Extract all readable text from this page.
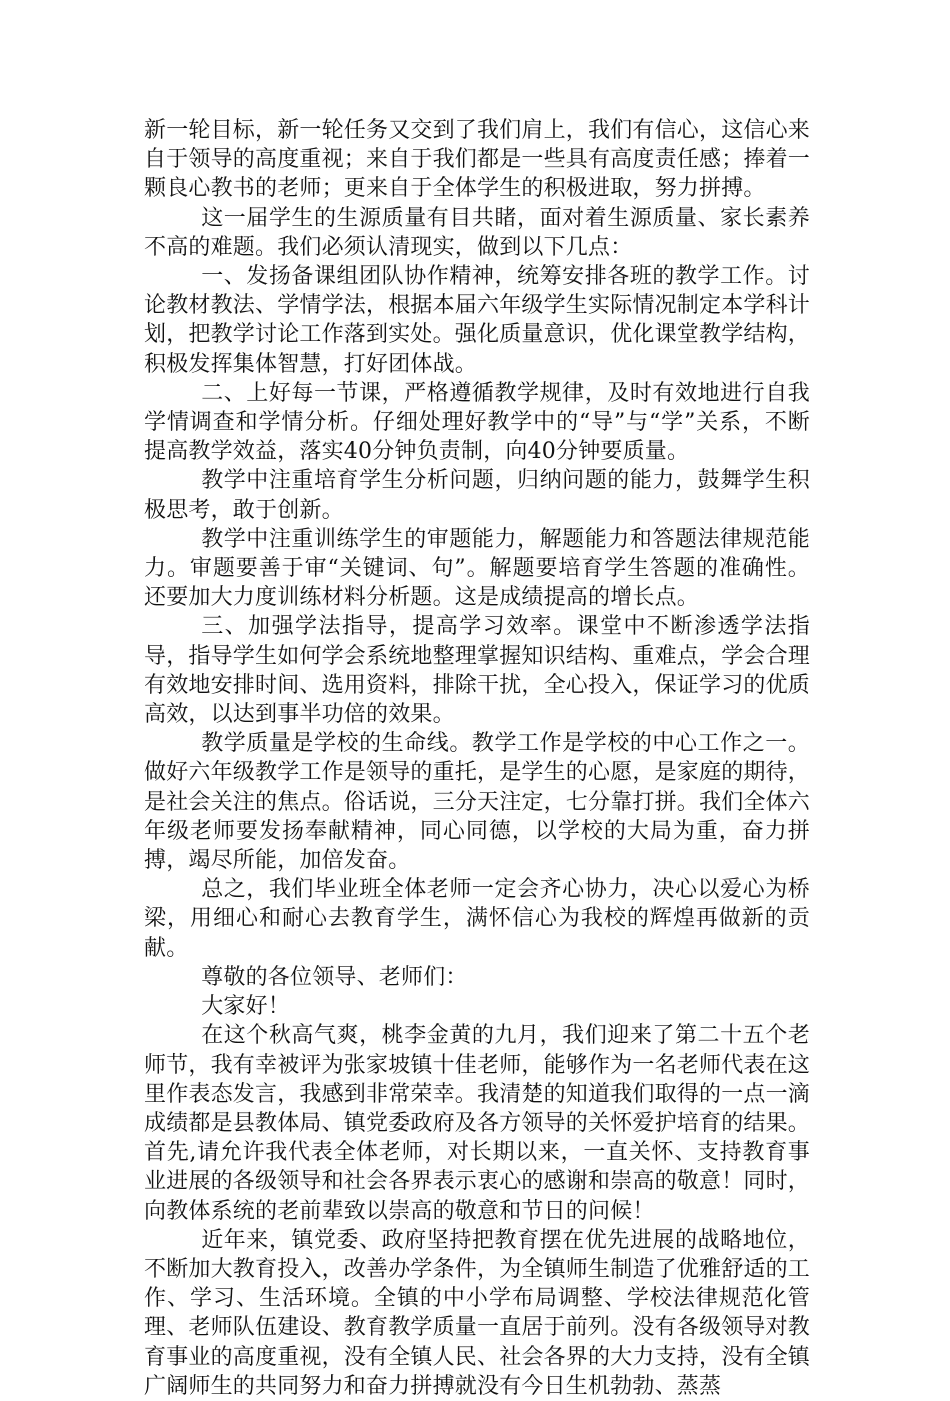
新一轮目标，新一轮任务又交到了我们肩上，我们有信心，这信心来自于领导的高度重视；来自于我们都是一些具有高度责任感；捧着一颗良心教书的老师；更来自于全体学生的积极进取，努力拼搏。

这一届学生的生源质量有目共睹，面对着生源质量、家长素养不高的难题。我们必须认清现实，做到以下几点：

一、发扬备课组团队协作精神，统筹安排各班的教学工作。讨论教材教法、学情学法，根据本届六年级学生实际情况制定本学科计划，把教学讨论工作落到实处。强化质量意识，优化课堂教学结构，积极发挥集体智慧，打好团体战。

二、上好每一节课，严格遵循教学规律，及时有效地进行自我学情调查和学情分析。仔细处理好教学中的“导”与“学”关系，不断提高教学效益，落实40分钟负责制，向40分钟要质量。

教学中注重培育学生分析问题，归纳问题的能力，鼓舞学生积极思考，敢于创新。

教学中注重训练学生的审题能力，解题能力和答题法律规范能力。审题要善于审“关键词、句”。解题要培育学生答题的准确性。还要加大力度训练材料分析题。这是成绩提高的增长点。

三、加强学法指导，提高学习效率。课堂中不断渗透学法指导，指导学生如何学会系统地整理掌握知识结构、重难点，学会合理有效地安排时间、选用资料，排除干扰，全心投入，保证学习的优质高效，以达到事半功倍的效果。

教学质量是学校的生命线。教学工作是学校的中心工作之一。做好六年级教学工作是领导的重托，是学生的心愿，是家庭的期待，是社会关注的焦点。俗话说，三分天注定，七分靠打拼。我们全体六年级老师要发扬奉献精神，同心同德，以学校的大局为重，奋力拼搏，竭尽所能，加倍发奋。

总之，我们毕业班全体老师一定会齐心协力，决心以爱心为桥梁，用细心和耐心去教育学生，满怀信心为我校的辉煌再做新的贡献。

尊敬的各位领导、老师们：

大家好！

在这个秋高气爽，桃李金黄的九月，我们迎来了第二十五个老师节，我有幸被评为张家坡镇十佳老师，能够作为一名老师代表在这里作表态发言，我感到非常荣幸。我清楚的知道我们取得的一点一滴成绩都是县教体局、镇党委政府及各方领导的关怀爱护培育的结果。首先,请允许我代表全体老师，对长期以来，一直关怀、支持教育事业进展的各级领导和社会各界表示衷心的感谢和崇高的敬意！同时，向教体系统的老前辈致以崇高的敬意和节日的问候！

近年来，镇党委、政府坚持把教育摆在优先进展的战略地位，不断加大教育投入，改善办学条件，为全镇师生制造了优雅舒适的工作、学习、生活环境。全镇的中小学布局调整、学校法律规范化管理、老师队伍建设、教育教学质量一直居于前列。没有各级领导对教育事业的高度重视，没有全镇人民、社会各界的大力支持，没有全镇广阔师生的共同努力和奋力拼搏就没有今日生机勃勃、蒸蒸
